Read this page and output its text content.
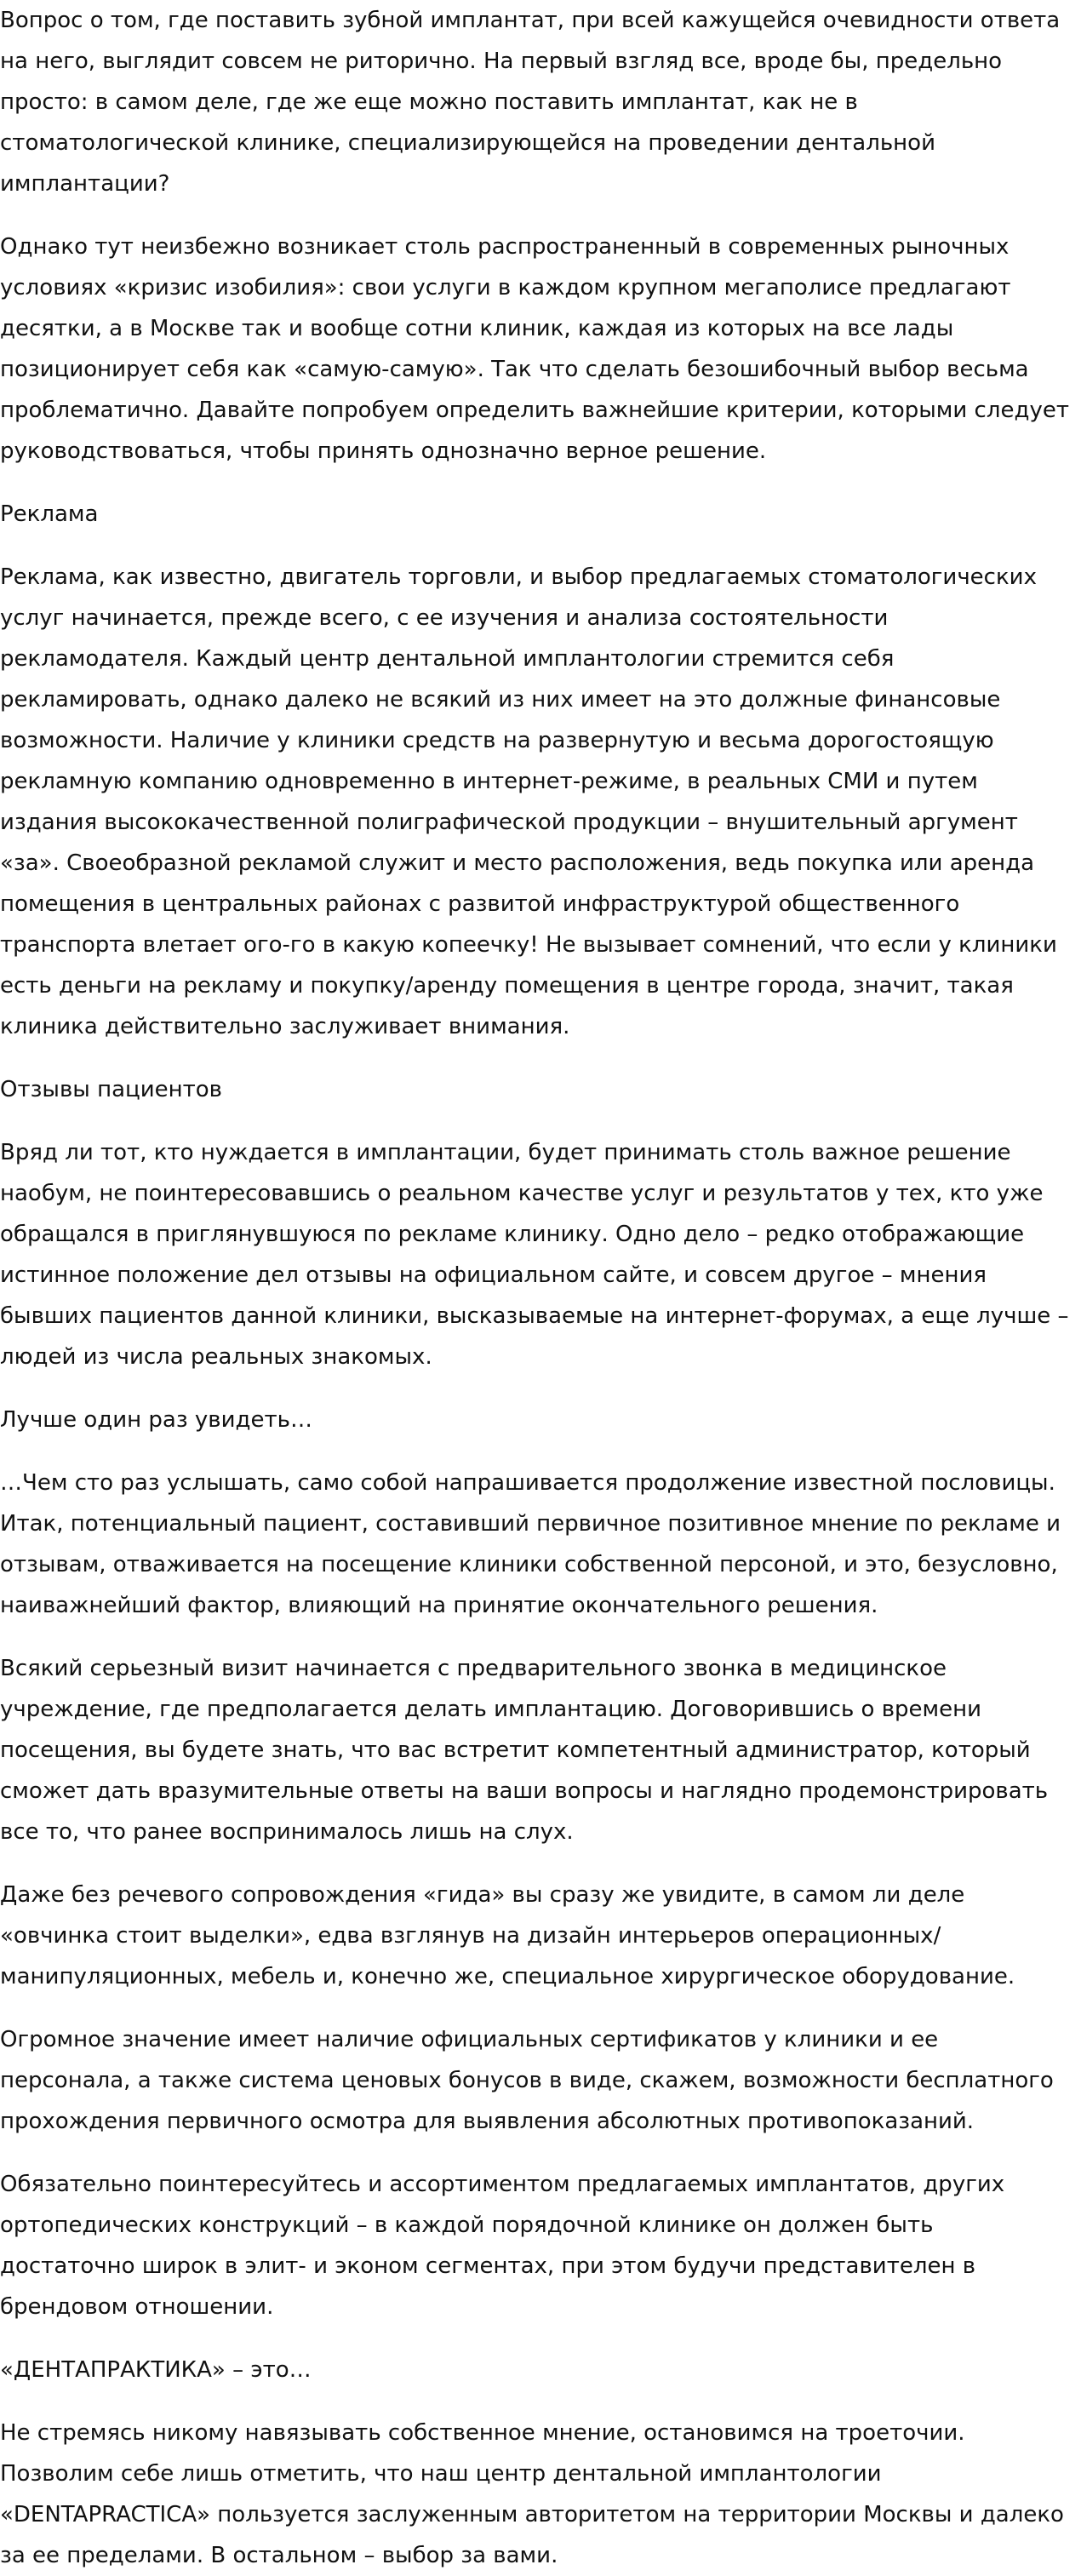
Вопрос о том, где поставить зубной имплантат, при всей кажущейся очевидности ответа на него, выглядит совсем не риторично. На первый взгляд все, вроде бы, предельно просто: в самом деле, где же еще можно поставить имплантат, как не в стоматологической клинике, специализирующейся на проведении дентальной имплантации?

Однако тут неизбежно возникает столь распространенный в современных рыночных условиях «кризис изобилия»: свои услуги в каждом крупном мегаполисе предлагают десятки, а в Москве так и вообще сотни клиник, каждая из которых на все лады позиционирует себя как «самую-самую». Так что сделать безошибочный выбор весьма проблематично. Давайте попробуем определить важнейшие критерии, которыми следует руководствоваться, чтобы принять однозначно верное решение.

Реклама

Реклама, как известно, двигатель торговли, и выбор предлагаемых стоматологических услуг начинается, прежде всего, с ее изучения и анализа состоятельности рекламодателя. Каждый центр дентальной имплантологии стремится себя рекламировать, однако далеко не всякий из них имеет на это должные финансовые возможности. Наличие у клиники средств на развернутую и весьма дорогостоящую рекламную компанию одновременно в интернет-режиме, в реальных СМИ и путем издания высококачественной полиграфической продукции – внушительный аргумент «за». Своеобразной рекламой служит и место расположения, ведь покупка или аренда помещения в центральных районах с развитой инфраструктурой общественного транспорта влетает ого-го в какую копеечку! Не вызывает сомнений, что если у клиники есть деньги на рекламу и покупку/аренду помещения в центре города, значит, такая клиника действительно заслуживает внимания.

Отзывы пациентов

Вряд ли тот, кто нуждается в имплантации, будет принимать столь важное решение наобум, не поинтересовавшись о реальном качестве услуг и результатов у тех, кто уже обращался в приглянувшуюся по рекламе клинику. Одно дело – редко отображающие истинное положение дел отзывы на официальном сайте, и совсем другое – мнения бывших пациентов данной клиники, высказываемые на интернет-форумах, а еще лучше – людей из числа реальных знакомых.

Лучше один раз увидеть…

…Чем сто раз услышать, само собой напрашивается продолжение известной пословицы. Итак, потенциальный пациент, составивший первичное позитивное мнение по рекламе и отзывам, отваживается на посещение клиники собственной персоной, и это, безусловно, наиважнейший фактор, влияющий на принятие окончательного решения.

Всякий серьезный визит начинается с предварительного звонка в медицинское учреждение, где предполагается делать имплантацию. Договорившись о времени посещения, вы будете знать, что вас встретит компетентный администратор, который сможет дать вразумительные ответы на ваши вопросы и наглядно продемонстрировать все то, что ранее воспринималось лишь на слух.

Даже без речевого сопровождения «гида» вы сразу же увидите, в самом ли деле «овчинка стоит выделки», едва взглянув на дизайн интерьеров операционных/манипуляционных, мебель и, конечно же, специальное хирургическое оборудование.

Огромное значение имеет наличие официальных сертификатов у клиники и ее персонала, а также система ценовых бонусов в виде, скажем, возможности бесплатного прохождения первичного осмотра для выявления абсолютных противопоказаний.

Обязательно поинтересуйтесь и ассортиментом предлагаемых имплантатов, других ортопедических конструкций – в каждой порядочной клинике он должен быть достаточно широк в элит- и эконом сегментах, при этом будучи представителен в брендовом отношении.

«ДЕНТАПРАКТИКА» – это…

Не стремясь никому навязывать собственное мнение, остановимся на троеточии. Позволим себе лишь отметить, что наш центр дентальной имплантологии «DENTAPRACTICA» пользуется заслуженным авторитетом на территории Москвы и далеко за ее пределами. В остальном – выбор за вами.
